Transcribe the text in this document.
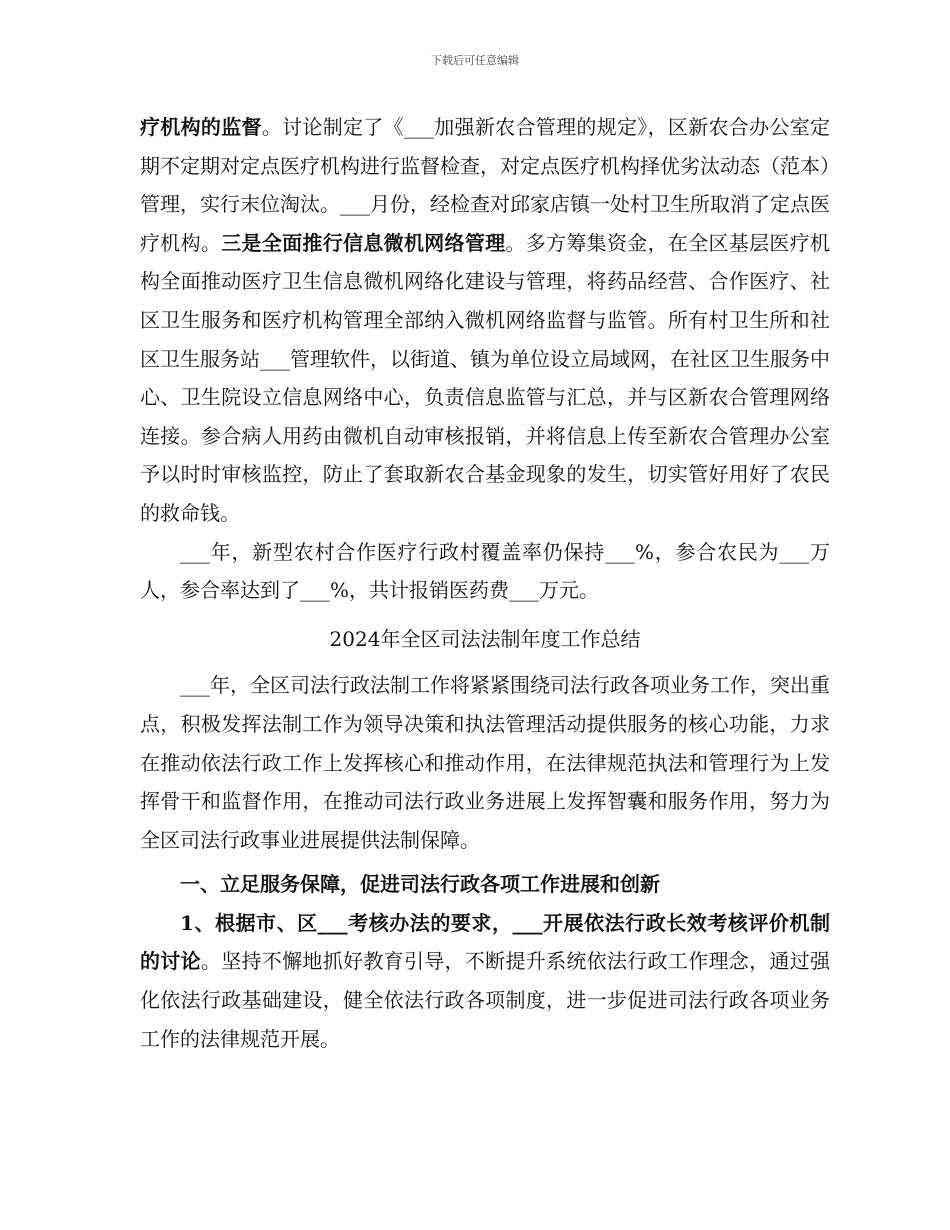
下载后可任意编辑

疗机构的监督。讨论制定了《___加强新农合管理的规定》，区新农合办公室定期不定期对定点医疗机构进行监督检查，对定点医疗机构择优劣汰动态（范本）管理，实行末位淘汰。___月份，经检查对邱家店镇一处村卫生所取消了定点医疗机构。三是全面推行信息微机网络管理。多方筹集资金，在全区基层医疗机构全面推动医疗卫生信息微机网络化建设与管理，将药品经营、合作医疗、社区卫生服务和医疗机构管理全部纳入微机网络监督与监管。所有村卫生所和社区卫生服务站___管理软件，以街道、镇为单位设立局域网，在社区卫生服务中心、卫生院设立信息网络中心，负责信息监管与汇总，并与区新农合管理网络连接。参合病人用药由微机自动审核报销，并将信息上传至新农合管理办公室予以时时审核监控，防止了套取新农合基金现象的发生，切实管好用好了农民的救命钱。

___年，新型农村合作医疗行政村覆盖率仍保持___%，参合农民为___万人，参合率达到了___%，共计报销医药费___万元。

2024年全区司法法制年度工作总结

___年，全区司法行政法制工作将紧紧围绕司法行政各项业务工作，突出重点，积极发挥法制工作为领导决策和执法管理活动提供服务的核心功能，力求在推动依法行政工作上发挥核心和推动作用，在法律规范执法和管理行为上发挥骨干和监督作用，在推动司法行政业务进展上发挥智囊和服务作用，努力为全区司法行政事业进展提供法制保障。

一、立足服务保障，促进司法行政各项工作进展和创新

1、根据市、区___考核办法的要求，___开展依法行政长效考核评价机制的讨论。坚持不懈地抓好教育引导，不断提升系统依法行政工作理念，通过强化依法行政基础建设，健全依法行政各项制度，进一步促进司法行政各项业务工作的法律规范开展。
